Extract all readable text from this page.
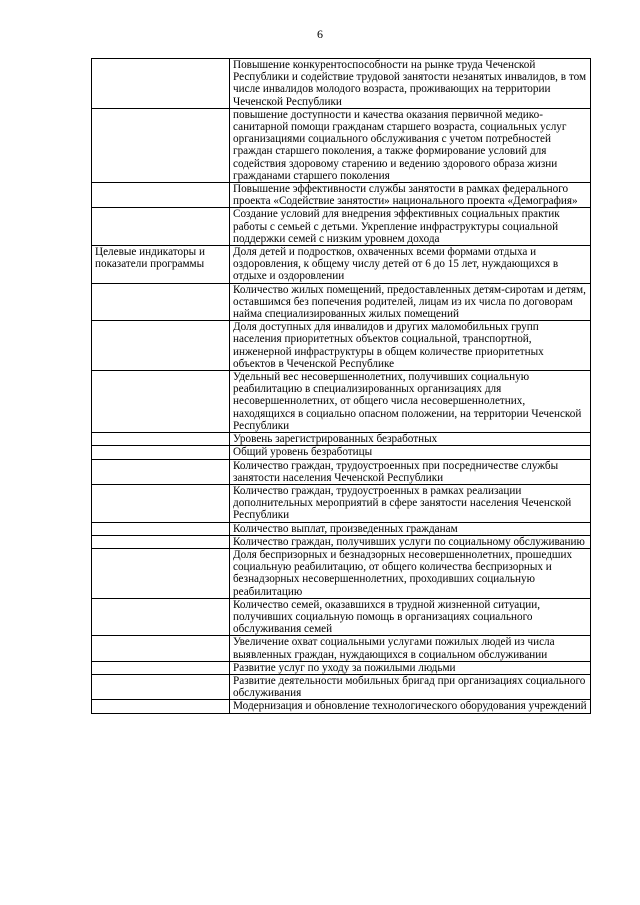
6
	Повышение конкурентоспособности на рынке труда Чеченской Республики и содействие трудовой занятости незанятых инвалидов, в том числе инвалидов молодого возраста, проживающих на территории Чеченской Республики
	повышение доступности и качества оказания первичной медико-санитарной помощи гражданам старшего возраста, социальных услуг организациями социального обслуживания с учетом потребностей граждан старшего поколения, а также формирование условий для содействия здоровому старению и ведению здорового образа жизни гражданами старшего поколения
	Повышение эффективности службы занятости в рамках федерального проекта «Содействие занятости» национального проекта «Демография»
	Создание условий для внедрения эффективных социальных практик работы с семьей с детьми. Укрепление инфраструктуры социальной поддержки семей с низким уровнем дохода
Целевые индикаторы и показатели программы	Доля детей и подростков, охваченных всеми формами отдыха и оздоровления, к общему числу детей от 6 до 15 лет, нуждающихся в отдыхе и оздоровлении
	Количество жилых помещений, предоставленных детям-сиротам и детям, оставшимся без попечения родителей, лицам из их числа по договорам найма специализированных жилых помещений
	Доля доступных для инвалидов и других маломобильных групп населения приоритетных объектов социальной, транспортной, инженерной инфраструктуры в общем количестве приоритетных объектов в Чеченской Республике
	Удельный вес несовершеннолетних, получивших социальную реабилитацию в специализированных организациях для несовершеннолетних, от общего числа несовершеннолетних, находящихся в социально опасном положении, на территории Чеченской Республики
	Уровень зарегистрированных безработных
	Общий уровень безработицы
	Количество граждан, трудоустроенных при посредничестве службы занятости населения Чеченской Республики
	Количество граждан, трудоустроенных в рамках реализации дополнительных мероприятий в сфере занятости населения Чеченской Республики
	Количество выплат, произведенных гражданам
	Количество граждан, получивших услуги по социальному обслуживанию
	Доля беспризорных и безнадзорных несовершеннолетних, прошедших социальную реабилитацию, от общего количества беспризорных и безнадзорных несовершеннолетних, проходивших социальную реабилитацию
	Количество семей, оказавшихся в трудной жизненной ситуации, получивших социальную помощь в организациях социального обслуживания семей
	Увеличение охват социальными услугами пожилых людей из числа выявленных граждан, нуждающихся в социальном обслуживании
	Развитие услуг по уходу за пожилыми людьми
	Развитие деятельности мобильных бригад при организациях социального обслуживания
	Модернизация и обновление технологического оборудования учреждений
